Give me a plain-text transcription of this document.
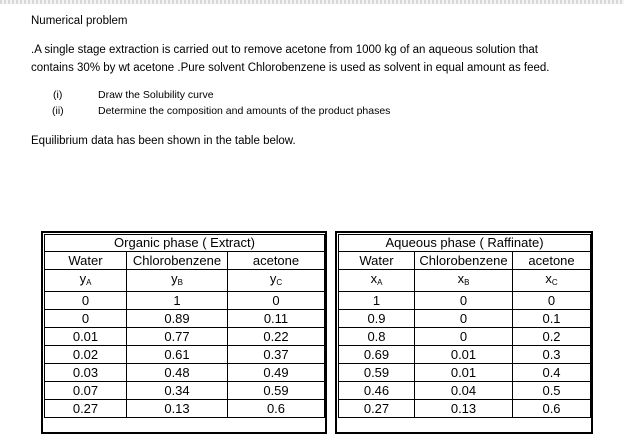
Numerical problem
.A single stage extraction is carried out to remove acetone from 1000 kg of an aqueous solution that
contains 30% by wt acetone .Pure solvent Chlorobenzene is used as solvent in equal amount as feed.
(i)	Draw the Solubility curve
(ii)	Determine the composition and amounts of the product phases
Equilibrium data has been shown in the table below.
Organic phase ( Extract)		
Water	Chlorobenzene	acetone
$y_A$	$y_B$	$y_C$
0	1	0
0	0.89	0.11
0.01	0.77	0.22
0.02	0.61	0.37
0.03	0.48	0.49
0.07	0.34	0.59
0.27	0.13	0.6
Aqueous phase ( Raffinate)		
Water	Chlorobenzene	acetone
$x_A$	$x_B$	$x_C$
1	0	0
0.9	0	0.1
0.8	0	0.2
0.69	0.01	0.3
0.59	0.01	0.4
0.46	0.04	0.5
0.27	0.13	0.6
